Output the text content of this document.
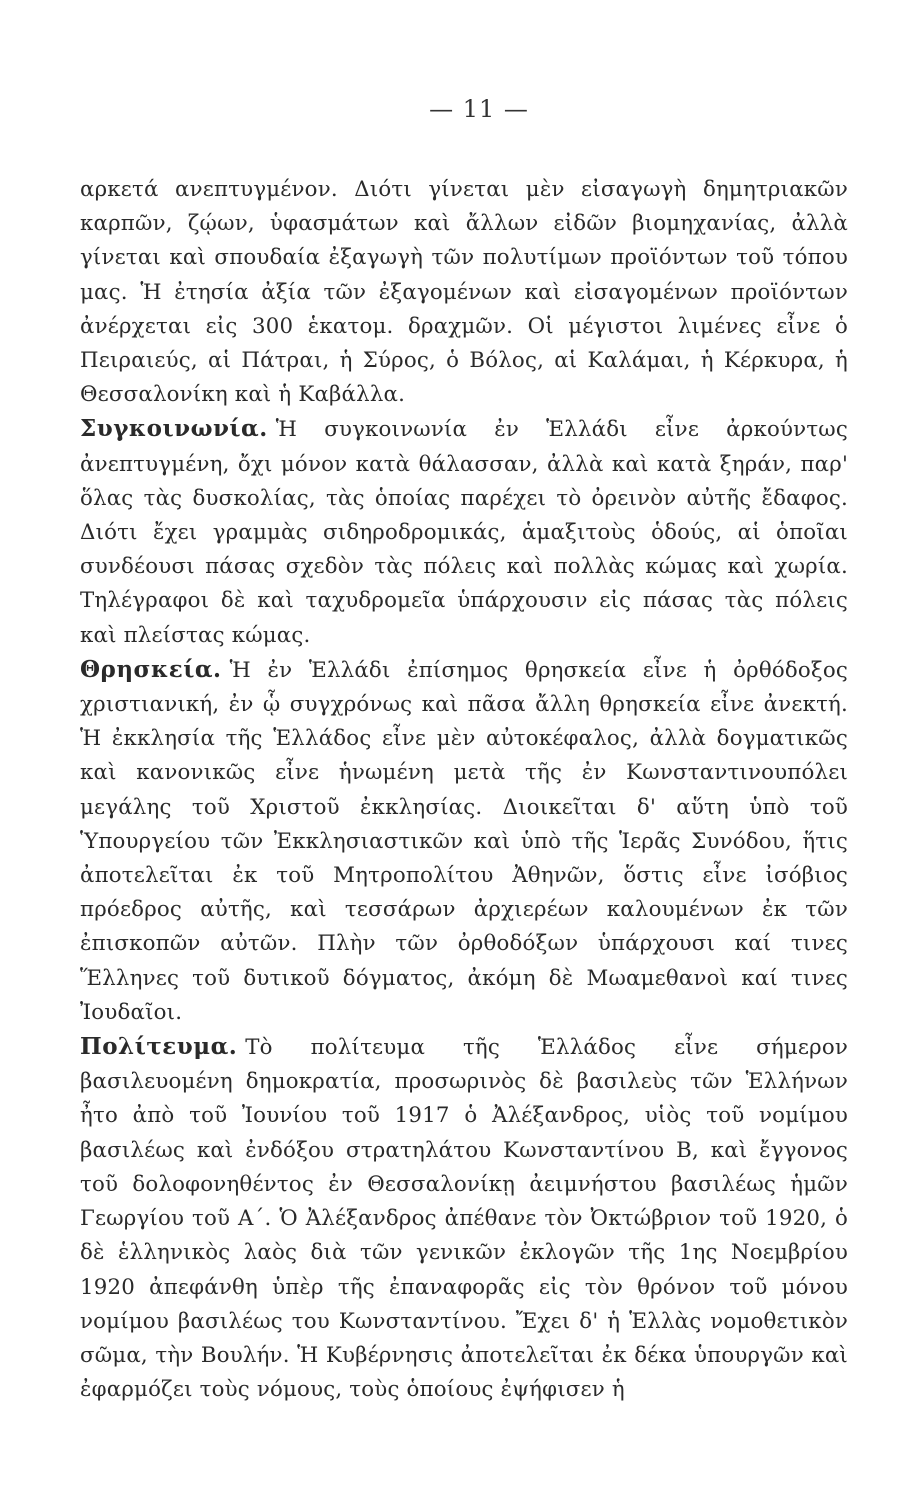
— 11 —

αρκετά ανεπτυγμένον. Διότι γίνεται μὲν εἰσαγωγὴ δημητριακῶν καρπῶν, ζῴων, ὑφασμάτων καὶ ἄλλων εἰδῶν βιομηχανίας, ἀλλὰ γίνεται καὶ σπουδαία ἐξαγωγὴ τῶν πολυτίμων προϊόντων τοῦ τόπου μας. Ἡ ἐτησία ἀξία τῶν ἐξαγομένων καὶ εἰσαγομένων προϊόντων ἀνέρχεται εἰς 300 ἑκατομ. δραχμῶν. Οἱ μέγιστοι λιμένες εἶνε ὁ Πειραιεύς, αἱ Πάτραι, ἡ Σύρος, ὁ Βόλος, αἱ Καλάμαι, ἡ Κέρκυρα, ἡ Θεσσαλονίκη καὶ ἡ Καβάλλα.

Συγκοινωνία. Ἡ συγκοινωνία ἐν Ἑλλάδι εἶνε ἀρκούντως ἀνεπτυγμένη, ὄχι μόνον κατὰ θάλασσαν, ἀλλὰ καὶ κατὰ ξηράν, παρ' ὅλας τὰς δυσκολίας, τὰς ὁποίας παρέχει τὸ ὀρεινὸν αὐτῆς ἔδαφος. Διότι ἔχει γραμμὰς σιδηροδρομικάς, ἁμαξιτοὺς ὁδούς, αἱ ὁποῖαι συνδέουσι πάσας σχεδὸν τὰς πόλεις καὶ πολλὰς κώμας καὶ χωρία. Τηλέγραφοι δὲ καὶ ταχυδρομεῖα ὑπάρχουσιν εἰς πάσας τὰς πόλεις καὶ πλείστας κώμας.

Θρησκεία. Ἡ ἐν Ἑλλάδι ἐπίσημος θρησκεία εἶνε ἡ ὀρθόδοξος χριστιανική, ἐν ᾧ συγχρόνως καὶ πᾶσα ἄλλη θρησκεία εἶνε ἀνεκτή. Ἡ ἐκκλησία τῆς Ἑλλάδος εἶνε μὲν αὐτοκέφαλος, ἀλλὰ δογματικῶς καὶ κανονικῶς εἶνε ἡνωμένη μετὰ τῆς ἐν Κωνσταντινουπόλει μεγάλης τοῦ Χριστοῦ ἐκκλησίας. Διοικεῖται δ' αὕτη ὑπὸ τοῦ Ὑπουργείου τῶν Ἐκκλησιαστικῶν καὶ ὑπὸ τῆς Ἱερᾶς Συνόδου, ἥτις ἀποτελεῖται ἐκ τοῦ Μητροπολίτου Ἀθηνῶν, ὅστις εἶνε ἰσόβιος πρόεδρος αὐτῆς, καὶ τεσσάρων ἀρχιερέων καλουμένων ἐκ τῶν ἐπισκοπῶν αὐτῶν. Πλὴν τῶν ὀρθοδόξων ὑπάρχουσι καί τινες Ἕλληνες τοῦ δυτικοῦ δόγματος, ἀκόμη δὲ Μωαμεθανοὶ καί τινες Ἰουδαῖοι.

Πολίτευμα. Τὸ πολίτευμα τῆς Ἑλλάδος εἶνε σήμερον βασιλευομένη δημοκρατία, προσωρινὸς δὲ βασιλεὺς τῶν Ἑλλήνων ἦτο ἀπὸ τοῦ Ἰουνίου τοῦ 1917 ὁ Ἀλέξανδρος, υἱὸς τοῦ νομίμου βασιλέως καὶ ἐνδόξου στρατηλάτου Κωνσταντίνου Β, καὶ ἔγγονος τοῦ δολοφονηθέντος ἐν Θεσσαλονίκῃ ἀειμνήστου βασιλέως ἡμῶν Γεωργίου τοῦ Α΄. Ὁ Ἀλέξανδρος ἀπέθανε τὸν Ὀκτώβριον τοῦ 1920, ὁ δὲ ἑλληνικὸς λαὸς διὰ τῶν γενικῶν ἐκλογῶν τῆς 1ης Νοεμβρίου 1920 ἀπεφάνθη ὑπὲρ τῆς ἐπαναφορᾶς εἰς τὸν θρόνον τοῦ μόνου νομίμου βασιλέως του Κωνσταντίνου. Ἔχει δ' ἡ Ἑλλὰς νομοθετικὸν σῶμα, τὴν Βουλήν. Ἡ Κυβέρνησις ἀποτελεῖται ἐκ δέκα ὑπουργῶν καὶ ἐφαρμόζει τοὺς νόμους, τοὺς ὁποίους ἐψήφισεν ἡ
